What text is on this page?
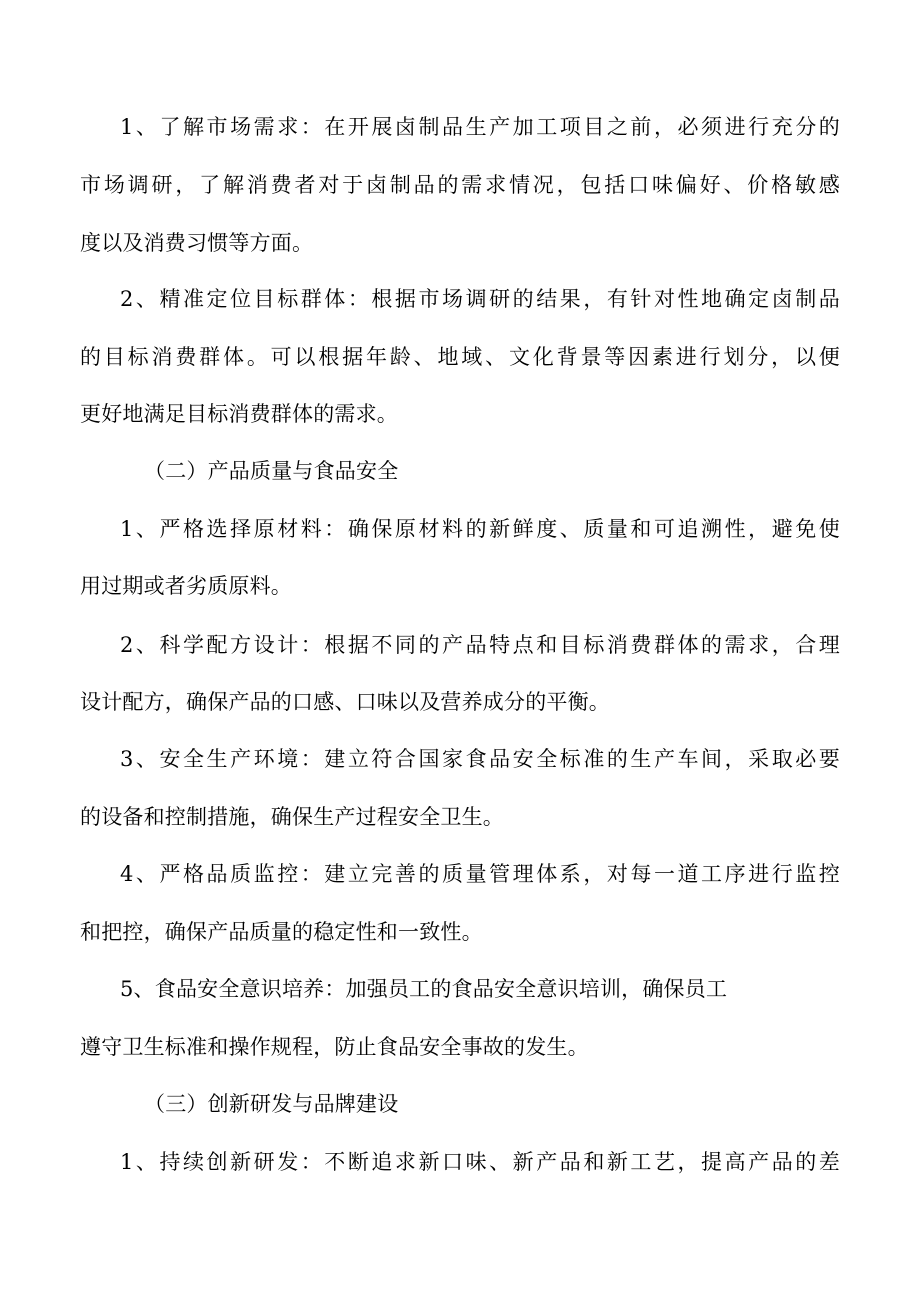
1、了解市场需求：在开展卤制品生产加工项目之前，必须进行充分的
市场调研，了解消费者对于卤制品的需求情况，包括口味偏好、价格敏感
度以及消费习惯等方面。
2、精准定位目标群体：根据市场调研的结果，有针对性地确定卤制品
的目标消费群体。可以根据年龄、地域、文化背景等因素进行划分，以便
更好地满足目标消费群体的需求。
（二）产品质量与食品安全
1、严格选择原材料：确保原材料的新鲜度、质量和可追溯性，避免使
用过期或者劣质原料。
2、科学配方设计：根据不同的产品特点和目标消费群体的需求，合理
设计配方，确保产品的口感、口味以及营养成分的平衡。
3、安全生产环境：建立符合国家食品安全标准的生产车间，采取必要
的设备和控制措施，确保生产过程安全卫生。
4、严格品质监控：建立完善的质量管理体系，对每一道工序进行监控
和把控，确保产品质量的稳定性和一致性。
5、食品安全意识培养：加强员工的食品安全意识培训，确保员工
遵守卫生标准和操作规程，防止食品安全事故的发生。
（三）创新研发与品牌建设
1、持续创新研发：不断追求新口味、新产品和新工艺，提高产品的差
